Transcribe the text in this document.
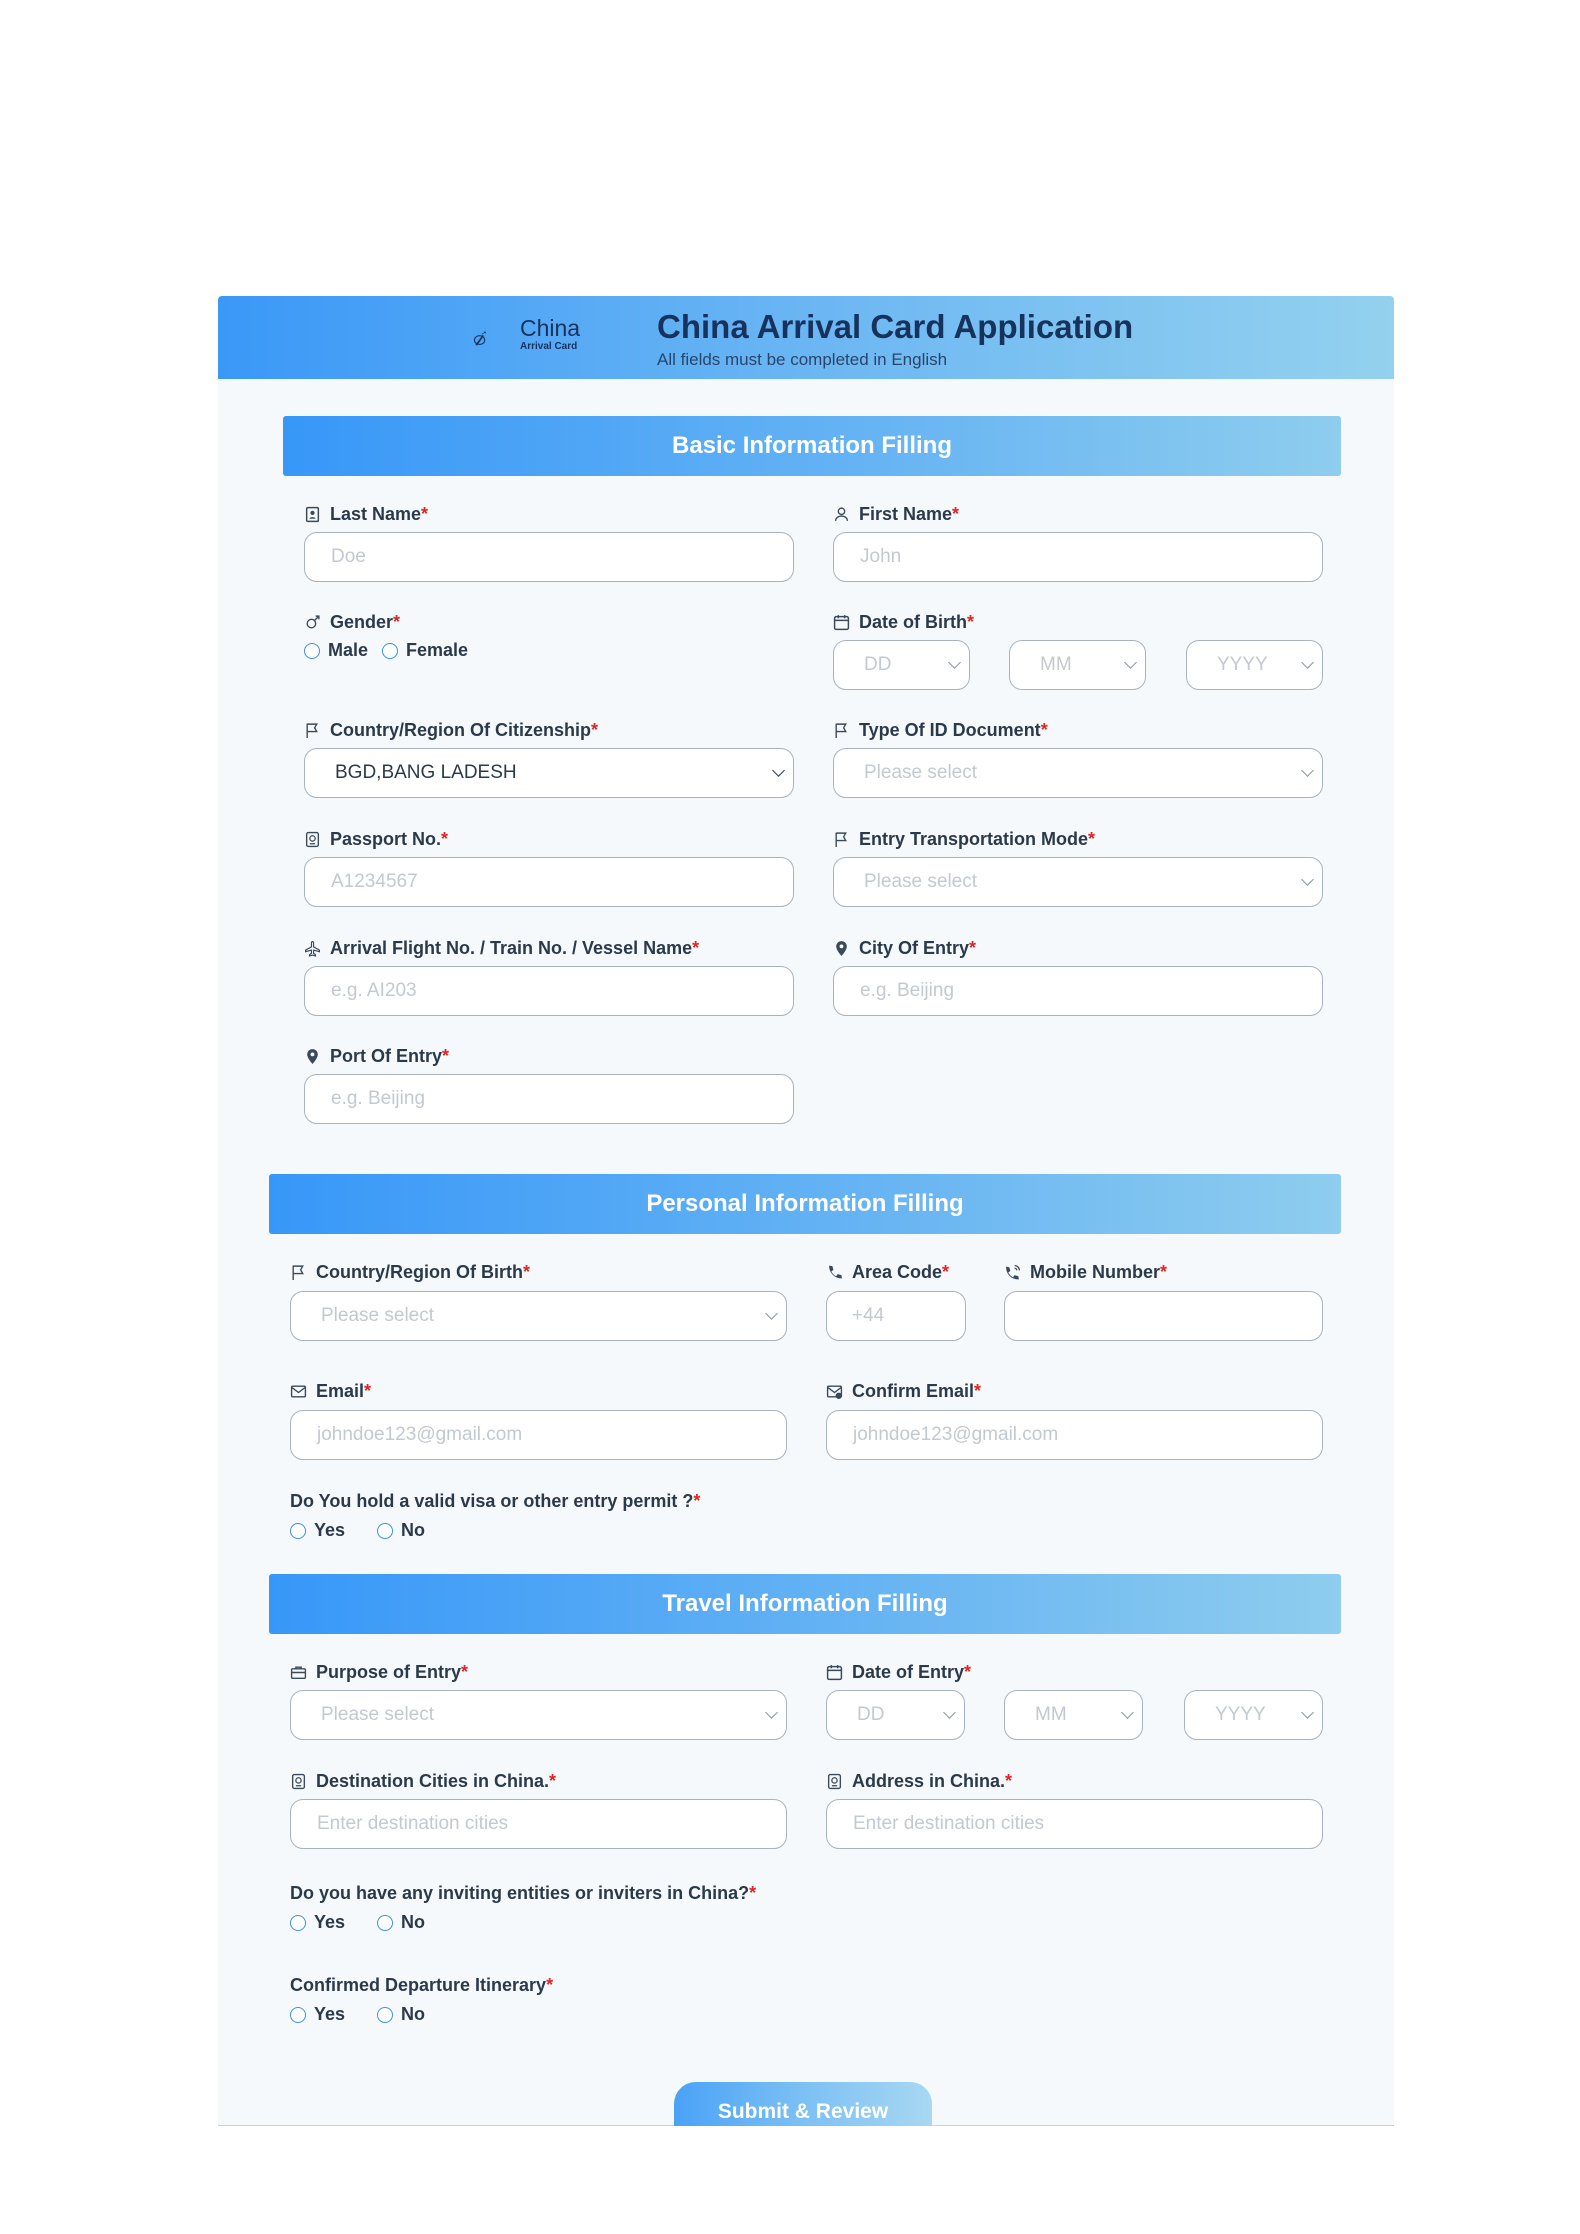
China
Arrival Card
China Arrival Card Application
All fields must be completed in English
Basic Information Filling
Last Name *
Doe
First Name *
John
Gender *
Male Female
Date of Birth *
DD	MM	YYYY
Country/Region Of Citizenship *
BGD,BANG LADESH
Type Of ID Document *
Please select
Passport No. *
A1234567
Entry Transportation Mode *
Please select
Arrival Flight No. / Train No. / Vessel Name *
e.g. AI203
City Of Entry *
e.g. Beijing
Port Of Entry *
e.g. Beijing
Personal Information Filling
Country/Region Of Birth *
Please select
Area Code *
+44
Mobile Number *
Email *
johndoe123@gmail.com
Confirm Email *
johndoe123@gmail.com
Do You hold a valid visa or other entry permit ? *
Yes	No
Travel Information Filling
Purpose of Entry *
Please select
Date of Entry *
DD	MM	YYYY
Destination Cities in China. *
Enter destination cities
Address in China. *
Enter destination cities
Do you have any inviting entities or inviters in China? *
Yes	No
Confirmed Departure Itinerary *
Yes	No
Submit & Review
